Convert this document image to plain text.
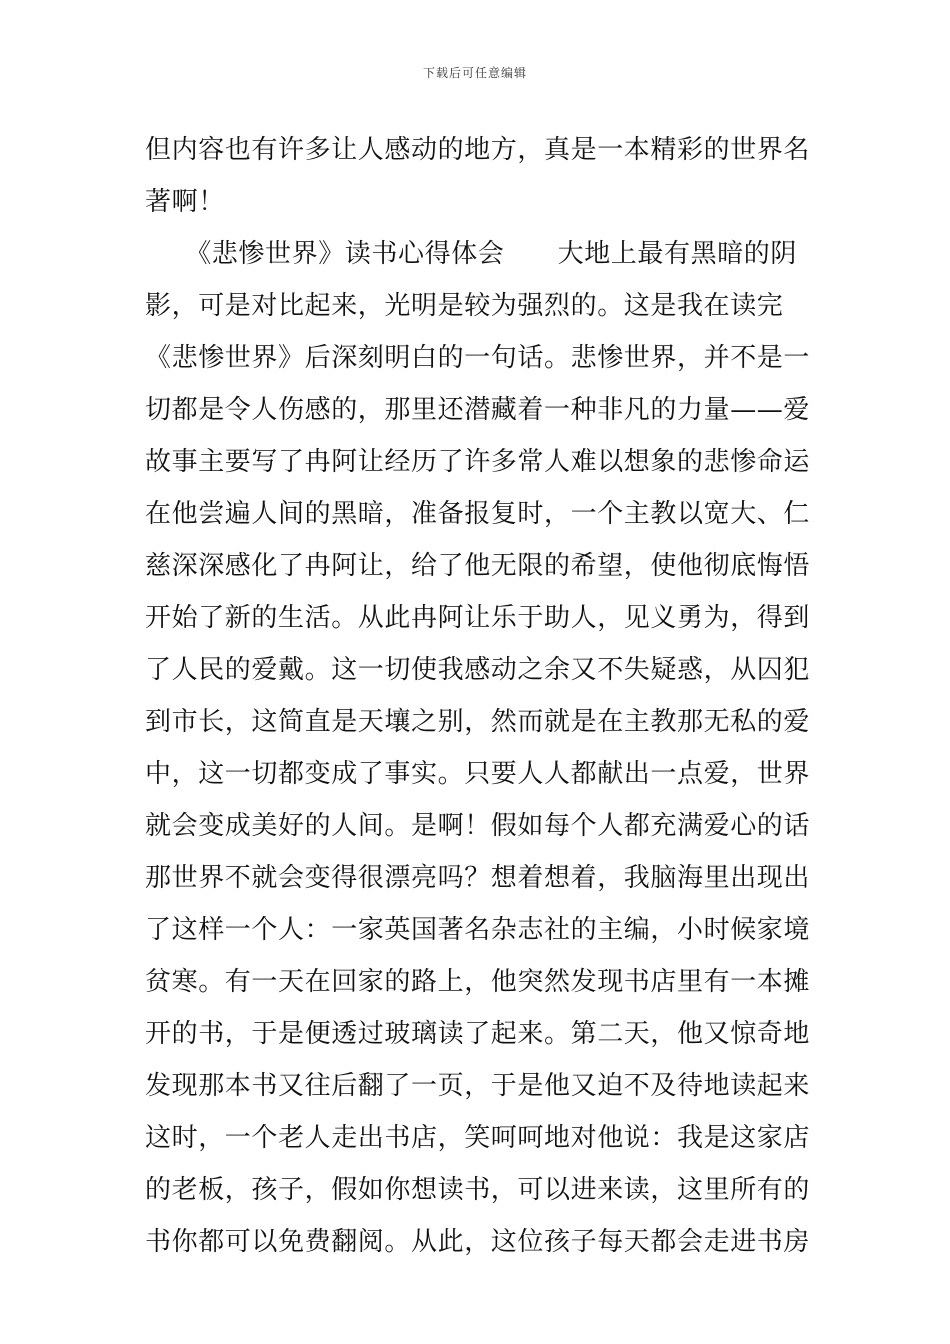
下载后可任意编辑
但内容也有许多让人感动的地方，真是一本精彩的世界名
著啊！
　　《悲惨世界》读书心得体会　　大地上最有黑暗的阴
影，可是对比起来，光明是较为强烈的。这是我在读完
《悲惨世界》后深刻明白的一句话。悲惨世界，并不是一
切都是令人伤感的，那里还潜藏着一种非凡的力量——爱
故事主要写了冉阿让经历了许多常人难以想象的悲惨命运
在他尝遍人间的黑暗，准备报复时，一个主教以宽大、仁
慈深深感化了冉阿让，给了他无限的希望，使他彻底悔悟
开始了新的生活。从此冉阿让乐于助人，见义勇为，得到
了人民的爱戴。这一切使我感动之余又不失疑惑，从囚犯
到市长，这简直是天壤之别，然而就是在主教那无私的爱
中，这一切都变成了事实。只要人人都献出一点爱，世界
就会变成美好的人间。是啊！假如每个人都充满爱心的话
那世界不就会变得很漂亮吗？想着想着，我脑海里出现出
了这样一个人：一家英国著名杂志社的主编，小时候家境
贫寒。有一天在回家的路上，他突然发现书店里有一本摊
开的书，于是便透过玻璃读了起来。第二天，他又惊奇地
发现那本书又往后翻了一页，于是他又迫不及待地读起来
这时，一个老人走出书店，笑呵呵地对他说：我是这家店
的老板，孩子，假如你想读书，可以进来读，这里所有的
书你都可以免费翻阅。从此，这位孩子每天都会走进书房
